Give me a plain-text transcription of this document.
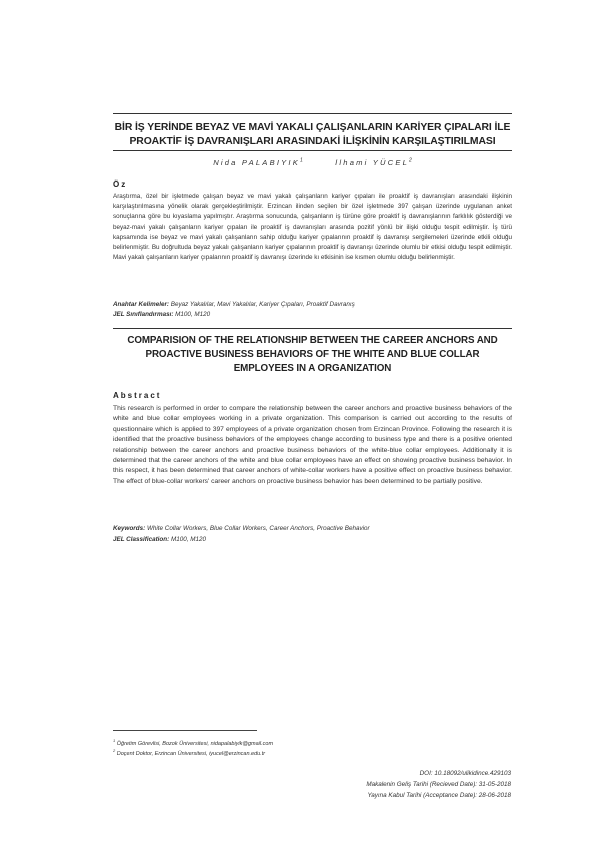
BİR İŞ YERİNDE BEYAZ VE MAVİ YAKALI ÇALIŞANLARIN KARİYER ÇIPALARI İLE
PROAKTİF İŞ DAVRANIŞLARI ARASINDAKİ İLİŞKİNİN KARŞILAŞTIRILMASI
Nida PALABIYIK$^1$	İlhami YÜCEL$^2$
Öz
Araştırma, özel bir işletmede çalışan beyaz ve mavi yakalı çalışanların kariyer çıpaları ile proaktif iş davranışları arasındaki ilişkinin karşılaştırılmasına yönelik olarak gerçekleştirilmiştir. Erzincan ilinden seçilen bir özel işletmede 397 çalışan üzerinde uygulanan anket sonuçlarına göre bu kıyaslama yapılmıştır. Araştırma sonucunda, çalışanların iş türüne göre proaktif iş davranışlarının farklılık gösterdiği ve beyaz-mavi yakalı çalışanların kariyer çıpaları ile proaktif iş davranışları arasında pozitif yönlü bir ilişki olduğu tespit edilmiştir. İş türü kapsamında ise beyaz ve mavi yakalı çalışanların sahip olduğu kariyer çıpalarının proaktif iş davranışı sergilemeleri üzerinde etkili olduğu belirlenmiştir. Bu doğrultuda beyaz yakalı çalışanların kariyer çıpalarının proaktif iş davranışı üzerinde olumlu bir etkisi olduğu tespit edilmiştir. Mavi yakalı çalışanların kariyer çıpalarının proaktif iş davranışı üzerinde kı etkisinin ise kısmen olumlu olduğu belirlenmiştir.
Anahtar Kelimeler: Beyaz Yakalılar, Mavi Yakalılar, Kariyer Çıpaları, Proaktif Davranış
JEL Sınıflandırması: M100, M120
COMPARISION OF THE RELATIONSHIP BETWEEN THE CAREER ANCHORS AND
PROACTIVE BUSINESS BEHAVIORS OF THE WHITE AND BLUE COLLAR
EMPLOYEES IN A ORGANIZATION
Abstract
This research is performed in order to compare the relationship between the career anchors and proactive business behaviors of the white and blue collar employees working in a private organization. This comparison is carried out according to the results of questionnaire which is applied to 397 employees of a private organization chosen from Erzincan Province. Following the research it is identified that the proactive business behaviors of the employees change according to business type and there is a positive oriented relationship between the career anchors and proactive business behaviors of the white-blue collar employees. Additionally it is determined that the career anchors of the white and blue collar employees have an effect on showing proactive business behavior. In this respect, it has been determined that career anchors of white-collar workers have a positive effect on proactive business behavior. The effect of blue-collar workers' career anchors on proactive business behavior has been determined to be partially positive.
Keywords: White Collar Workers, Blue Collar Workers, Career Anchors, Proactive Behavior
JEL Classification: M100, M120
$^1$ Öğretim Görevlisi, Bozok Üniversitesi, nidapalabiyik@gmail.com
$^2$ Doçent Doktor, Erzincan Üniversitesi, iyucel@erzincan.edu.tr
DOI: 10.18092/ulikidince.429103
Makalenin Geliş Tarihi (Recieved Date): 31-05-2018
Yayına Kabul Tarihi (Acceptance Date): 28-06-2018
